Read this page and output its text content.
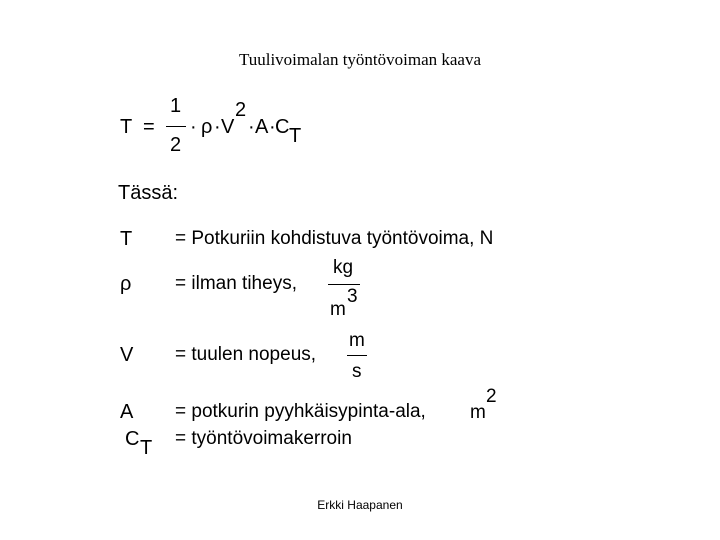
Tuulivoimalan työntövoiman kaava
T =
1
2
· ρ · V
2
· A · C T
Tässä:
T = Potkuriin kohdistuva työntövoima, N
ρ = ilman tiheys,
kg
m
3
V = tuulen nopeus,
m
s
A = potkurin pyyhkäisypinta-ala, m
2
C T = työntövoimakerroin
Erkki Haapanen
